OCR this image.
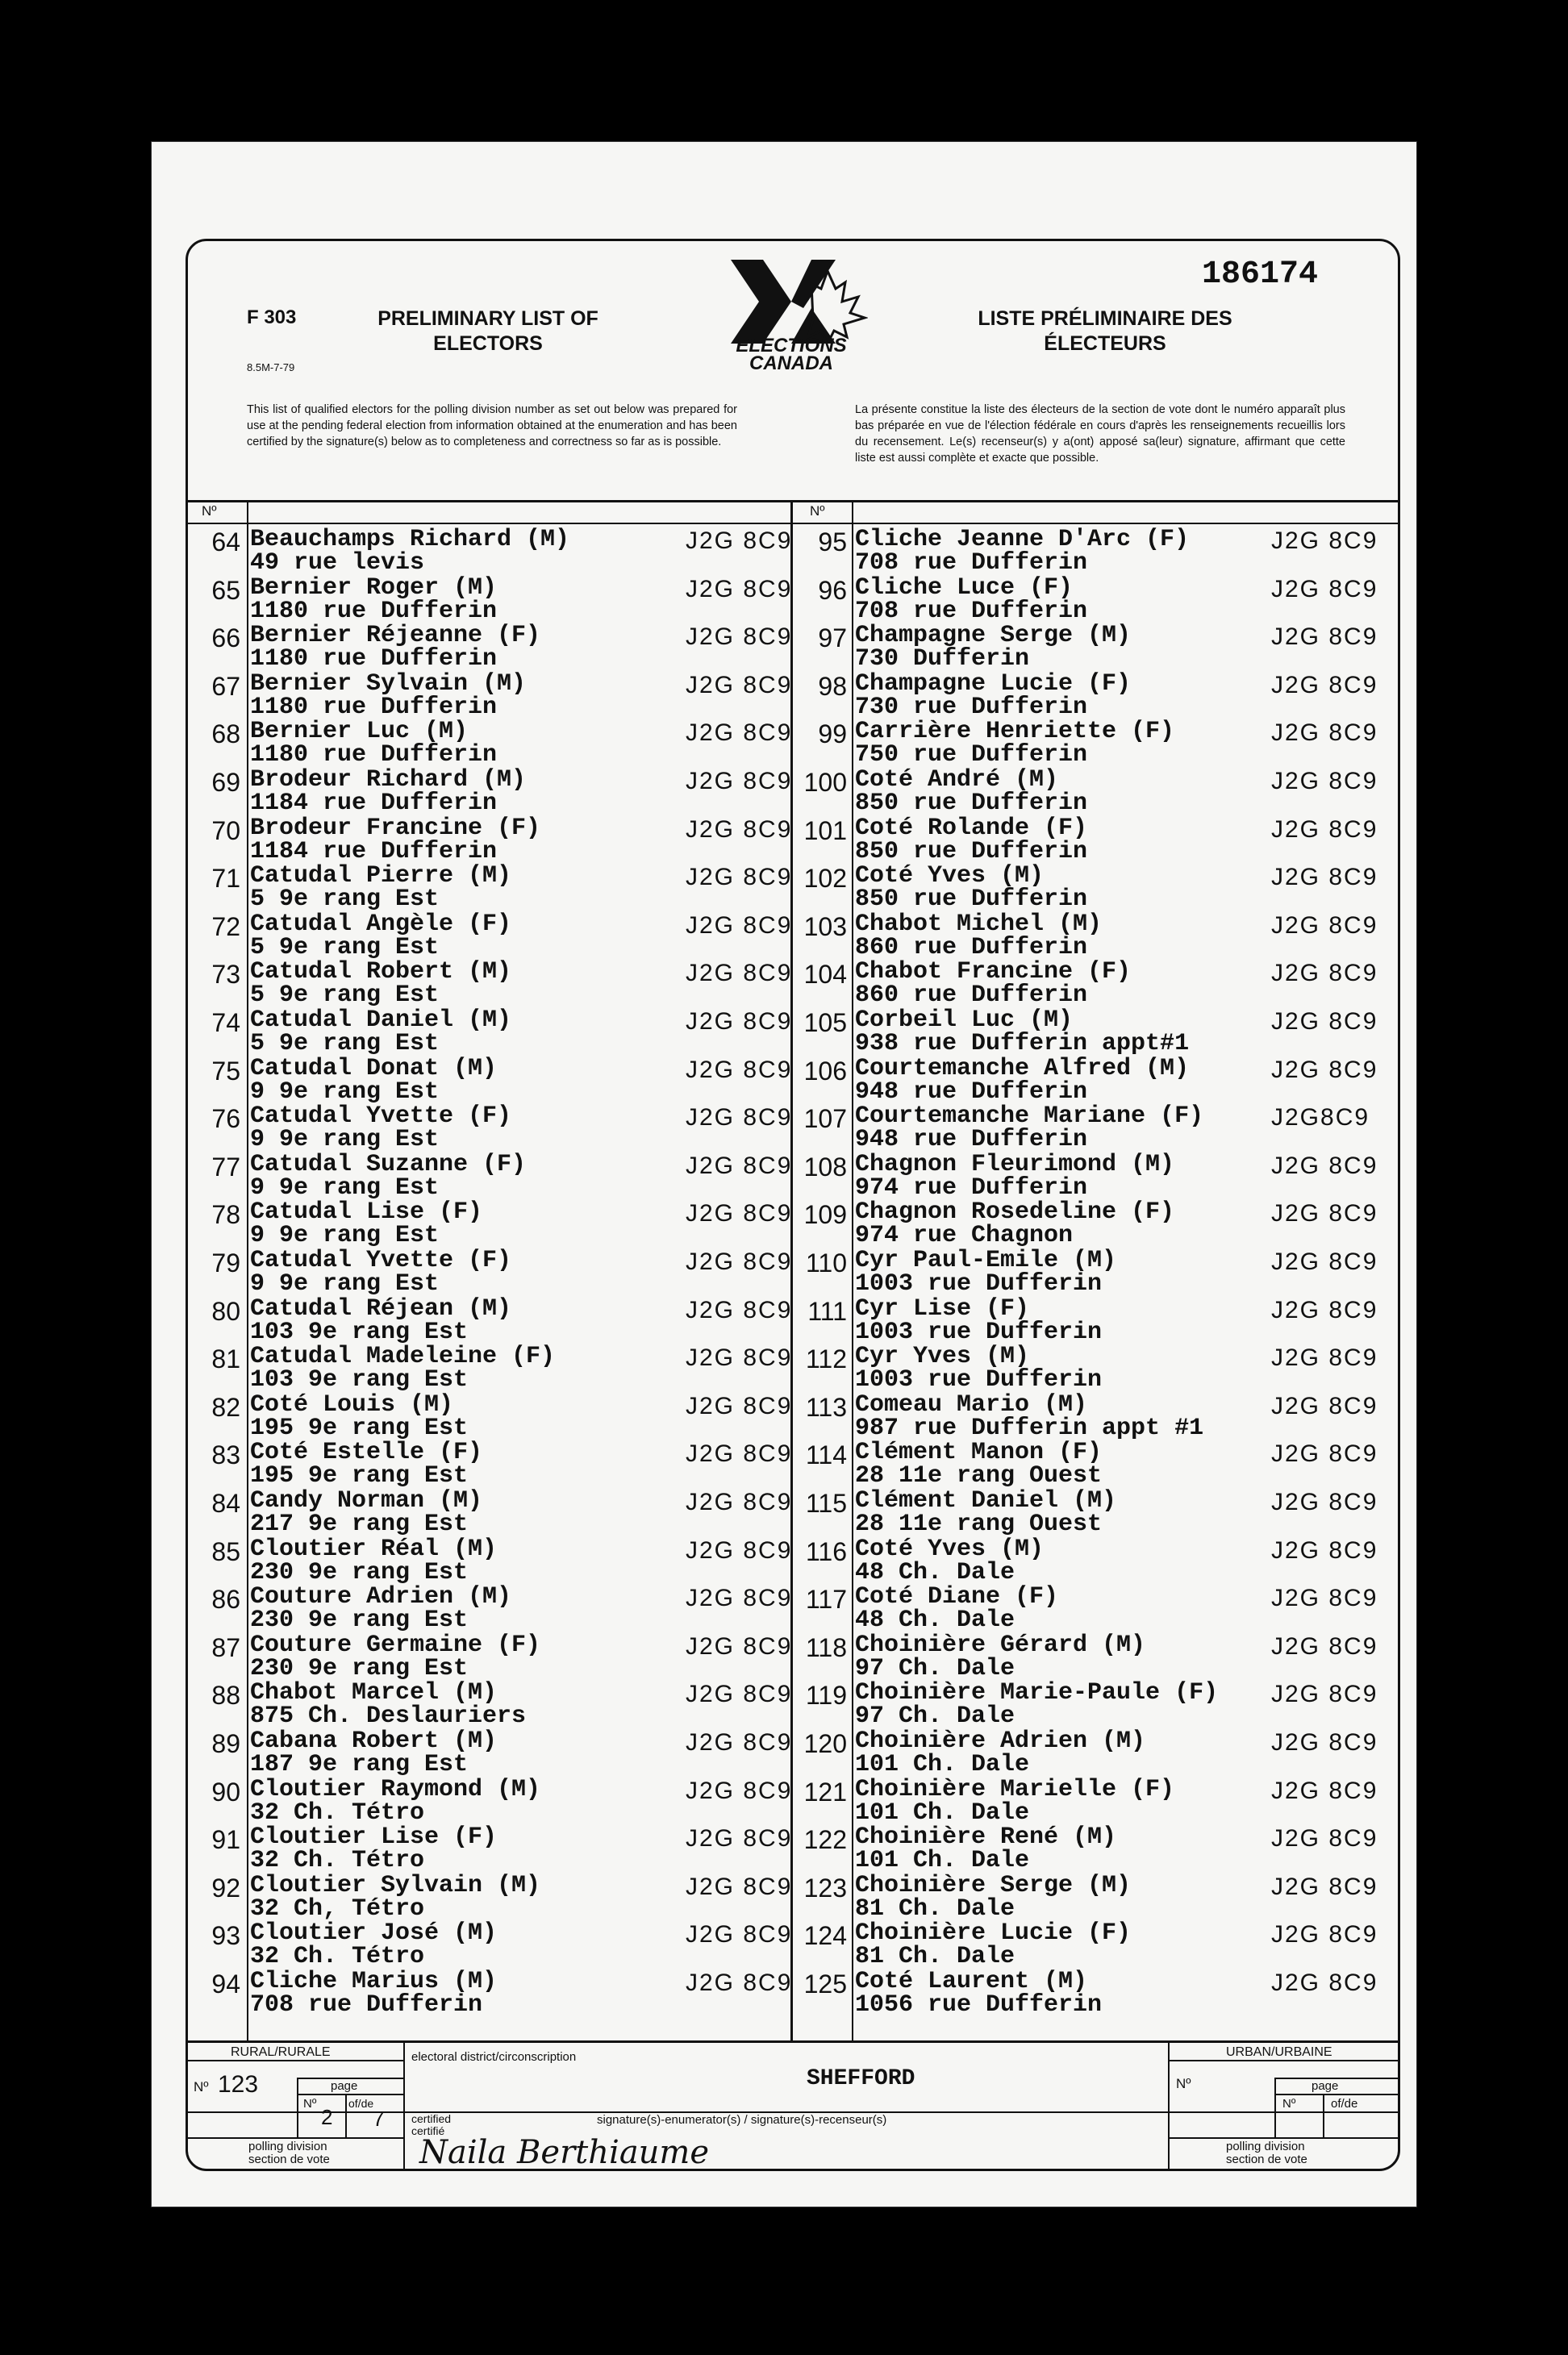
F 303
8.5M-7-79
PRELIMINARY LIST OF
ELECTORS	ELECTIONS
CANADA
186174
LISTE PRÉLIMINAIRE DES
ÉLECTEURS
This list of qualified electors for the polling division number as set out below was prepared for use at the pending federal election from information obtained at the enumeration and has been certified by the signature(s) below as to completeness and correctness so far as is possible.
La présente constitue la liste des électeurs de la section de vote dont le numéro apparaît plus bas préparée en vue de l'élection fédérale en cours d'après les renseignements recueillis lors du recensement. Le(s) recenseur(s) y a(ont) apposé sa(leur) signature, affirmant que cette liste est aussi complète et exacte que possible.
Nº	Nº
64 Beauchamps Richard (M)
49 rue levis
J2G 8C9
65 Bernier Roger (M)
1180 rue Dufferin
J2G 8C9
66 Bernier Réjeanne (F)
1180 rue Dufferin
J2G 8C9
67 Bernier Sylvain (M)
1180 rue Dufferin
J2G 8C9
68 Bernier Luc (M)
1180 rue Dufferin
J2G 8C9
69 Brodeur Richard (M)
1184 rue Dufferin
J2G 8C9
70 Brodeur Francine (F)
1184 rue Dufferin
J2G 8C9
71 Catudal Pierre (M)
5 9e rang Est
J2G 8C9
72 Catudal Angèle (F)
5 9e rang Est
J2G 8C9
73 Catudal Robert (M)
5 9e rang Est
J2G 8C9
74 Catudal Daniel (M)
5 9e rang Est
J2G 8C9
75 Catudal Donat (M)
9 9e rang Est
J2G 8C9
76 Catudal Yvette (F)
9 9e rang Est
J2G 8C9
77 Catudal Suzanne (F)
9 9e rang Est
J2G 8C9
78 Catudal Lise (F)
9 9e rang Est
J2G 8C9
79 Catudal Yvette (F)
9 9e rang Est
J2G 8C9
80 Catudal Réjean (M)
103 9e rang Est
J2G 8C9
81 Catudal Madeleine (F)
103 9e rang Est
J2G 8C9
82 Coté Louis (M)
195 9e rang Est
J2G 8C9
83 Coté Estelle (F)
195 9e rang Est
J2G 8C9
84 Candy Norman (M)
217 9e rang Est
J2G 8C9
85 Cloutier Réal (M)
230 9e rang Est
J2G 8C9
86 Couture Adrien (M)
230 9e rang Est
J2G 8C9
87 Couture Germaine (F)
230 9e rang Est
J2G 8C9
88 Chabot Marcel (M)
875 Ch. Deslauriers
J2G 8C9
89 Cabana Robert (M)
187 9e rang Est
J2G 8C9
90 Cloutier Raymond (M)
32 Ch. Tétro
J2G 8C9
91 Cloutier Lise (F)
32 Ch. Tétro
J2G 8C9
92 Cloutier Sylvain (M)
32 Ch, Tétro
J2G 8C9
93 Cloutier José (M)
32 Ch. Tétro
J2G 8C9
94 Cliche Marius (M)
708 rue Dufferin
J2G 8C9
95 Cliche Jeanne D'Arc (F)
708 rue Dufferin
J2G 8C9
96 Cliche Luce (F)
708 rue Dufferin
J2G 8C9
97 Champagne Serge (M)
730 Dufferin
J2G 8C9
98 Champagne Lucie (F)
730 rue Dufferin
J2G 8C9
99 Carrière Henriette (F)
750 rue Dufferin
J2G 8C9
100 Coté André (M)
850 rue Dufferin
J2G 8C9
101 Coté Rolande (F)
850 rue Dufferin
J2G 8C9
102 Coté Yves (M)
850 rue Dufferin
J2G 8C9
103 Chabot Michel (M)
860 rue Dufferin
J2G 8C9
104 Chabot Francine (F)
860 rue Dufferin
J2G 8C9
105 Corbeil Luc (M)
938 rue Dufferin appt#1
J2G 8C9
106 Courtemanche Alfred (M)
948 rue Dufferin
J2G 8C9
107 Courtemanche Mariane (F)
948 rue Dufferin
J2G8C9
108 Chagnon Fleurimond (M)
974 rue Dufferin
J2G 8C9
109 Chagnon Rosedeline (F)
974 rue Chagnon
J2G 8C9
110 Cyr Paul-Emile (M)
1003 rue Dufferin
J2G 8C9
111 Cyr Lise (F)
1003 rue Dufferin
J2G 8C9
112 Cyr Yves (M)
1003 rue Dufferin
J2G 8C9
113 Comeau Mario (M)
987 rue Dufferin appt #1
J2G 8C9
114 Clément Manon (F)
28 11e rang Ouest
J2G 8C9
115 Clément Daniel (M)
28 11e rang Ouest
J2G 8C9
116 Coté Yves (M)
48 Ch. Dale
J2G 8C9
117 Coté Diane (F)
48 Ch. Dale
J2G 8C9
118 Choinière Gérard (M)
97 Ch. Dale
J2G 8C9
119 Choinière Marie-Paule (F)
97 Ch. Dale
J2G 8C9
120 Choinière Adrien (M)
101 Ch. Dale
J2G 8C9
121 Choinière Marielle (F)
101 Ch. Dale
J2G 8C9
122 Choinière René (M)
101 Ch. Dale
J2G 8C9
123 Choinière Serge (M)
81 Ch. Dale
J2G 8C9
124 Choinière Lucie (F)
81 Ch. Dale
J2G 8C9
125 Coté Laurent (M)
1056 rue Dufferin
J2G 8C9
RURAL/RURALE	URBAN/URBAINE
electoral district/circonscription
SHEFFORD
Nº 123	page
Nº
2
of/de
7 certified
certifié
signature(s)-enumerator(s) / signature(s)-recenseur(s)
Naila Berthiaume
polling division
section de vote
Nº	page
Nº	of/de
polling division
section de vote
